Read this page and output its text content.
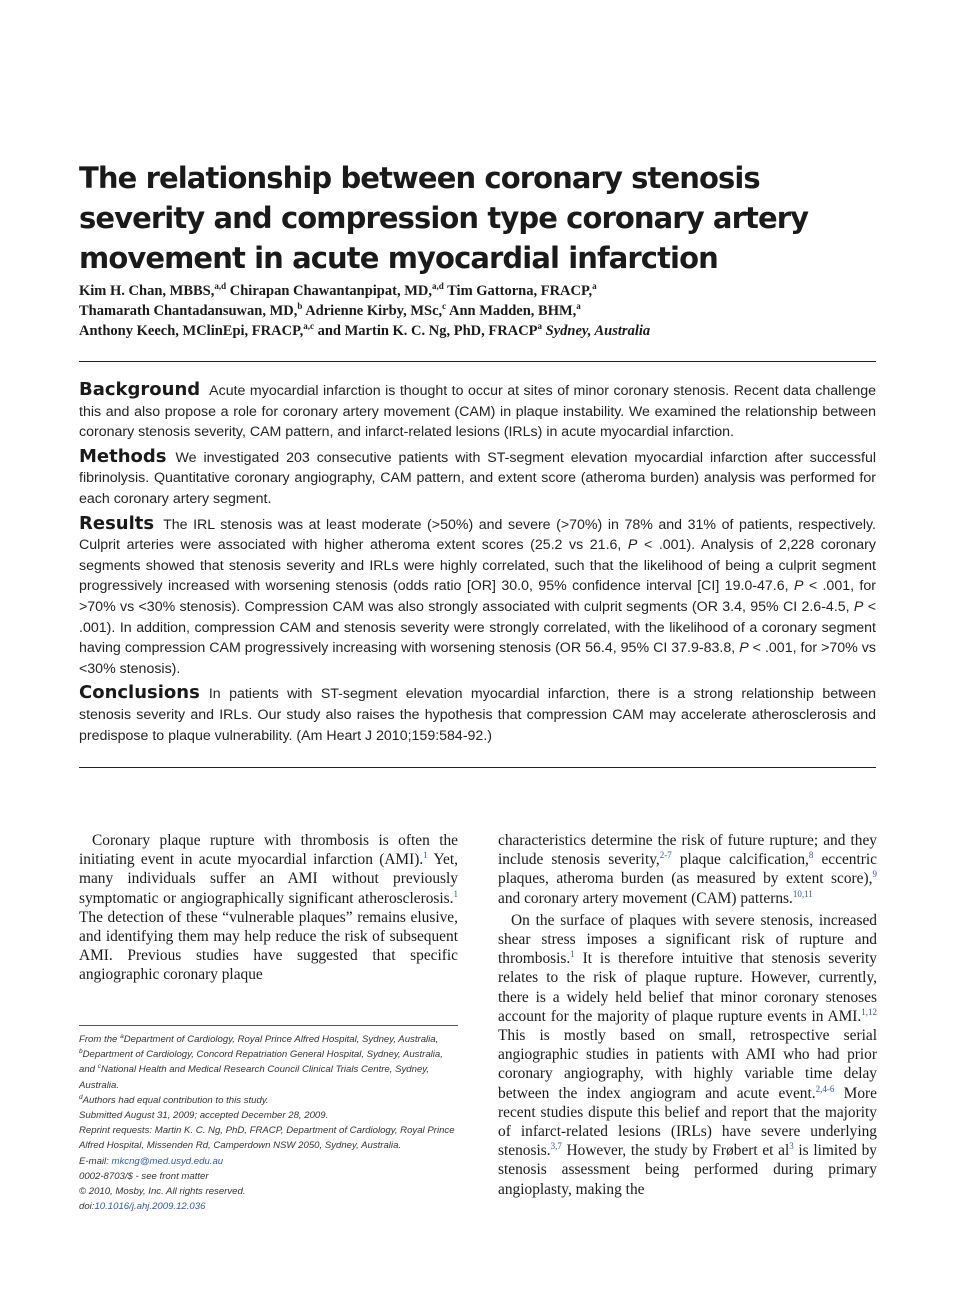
The relationship between coronary stenosis severity and compression type coronary artery movement in acute myocardial infarction
Kim H. Chan, MBBS,$^{a,d}$ Chirapan Chawantanpipat, MD,$^{a,d}$ Tim Gattorna, FRACP,$^a$
Thamarath Chantadansuwan, MD,$^b$ Adrienne Kirby, MSc,$^c$ Ann Madden, BHM,$^a$
Anthony Keech, MClinEpi, FRACP,$^{a,c}$ and Martin K. C. Ng, PhD, FRACP$^a$ Sydney, Australia

Background Acute myocardial infarction is thought to occur at sites of minor coronary stenosis. Recent data challenge this and also propose a role for coronary artery movement (CAM) in plaque instability. We examined the relationship between coronary stenosis severity, CAM pattern, and infarct-related lesions (IRLs) in acute myocardial infarction.

Methods We investigated 203 consecutive patients with ST-segment elevation myocardial infarction after successful fibrinolysis. Quantitative coronary angiography, CAM pattern, and extent score (atheroma burden) analysis was performed for each coronary artery segment.

Results The IRL stenosis was at least moderate (>50%) and severe (>70%) in 78% and 31% of patients, respectively. Culprit arteries were associated with higher atheroma extent scores (25.2 vs 21.6, P < .001). Analysis of 2,228 coronary segments showed that stenosis severity and IRLs were highly correlated, such that the likelihood of being a culprit segment progressively increased with worsening stenosis (odds ratio [OR] 30.0, 95% confidence interval [CI] 19.0-47.6, P < .001, for >70% vs <30% stenosis). Compression CAM was also strongly associated with culprit segments (OR 3.4, 95% CI 2.6-4.5, P < .001). In addition, compression CAM and stenosis severity were strongly correlated, with the likelihood of a coronary segment having compression CAM progressively increasing with worsening stenosis (OR 56.4, 95% CI 37.9-83.8, P < .001, for >70% vs <30% stenosis).

Conclusions In patients with ST-segment elevation myocardial infarction, there is a strong relationship between stenosis severity and IRLs. Our study also raises the hypothesis that compression CAM may accelerate atherosclerosis and predispose to plaque vulnerability. (Am Heart J 2010;159:584-92.)

Coronary plaque rupture with thrombosis is often the initiating event in acute myocardial infarction (AMI).$^1$ Yet, many individuals suffer an AMI without previously symptomatic or angiographically significant atherosclerosis.$^1$ The detection of these “vulnerable plaques” remains elusive, and identifying them may help reduce the risk of subsequent AMI. Previous studies have suggested that specific angiographic coronary plaque

characteristics determine the risk of future rupture; and they include stenosis severity,$^{2-7}$ plaque calcification,$^8$ eccentric plaques, atheroma burden (as measured by extent score),$^9$ and coronary artery movement (CAM) patterns.$^{10,11}$

On the surface of plaques with severe stenosis, increased shear stress imposes a significant risk of rupture and thrombosis.$^1$ It is therefore intuitive that stenosis severity relates to the risk of plaque rupture. However, currently, there is a widely held belief that minor coronary stenoses account for the majority of plaque rupture events in AMI.$^{1,12}$ This is mostly based on small, retrospective serial angiographic studies in patients with AMI who had prior coronary angiography, with highly variable time delay between the index angiogram and acute event.$^{2,4-6}$ More recent studies dispute this belief and report that the majority of infarct-related lesions (IRLs) have severe underlying stenosis.$^{3,7}$ However, the study by Frøbert et $al^3$ is limited by stenosis assessment being performed during primary angioplasty, making the

From the $^a$Department of Cardiology, Royal Prince Alfred Hospital, Sydney, Australia, $^b$Department of Cardiology, Concord Repatriation General Hospital, Sydney, Australia, and $^c$National Health and Medical Research Council Clinical Trials Centre, Sydney, Australia.
$^d$Authors had equal contribution to this study.
Submitted August 31, 2009; accepted December 28, 2009.
Reprint requests: Martin K. C. Ng, PhD, FRACP, Department of Cardiology, Royal Prince Alfred Hospital, Missenden Rd, Camperdown NSW 2050, Sydney, Australia.
E-mail: mkcng@med.usyd.edu.au
0002-8703/$ - see front matter
© 2010, Mosby, Inc. All rights reserved.
doi:10.1016/j.ahj.2009.12.036
